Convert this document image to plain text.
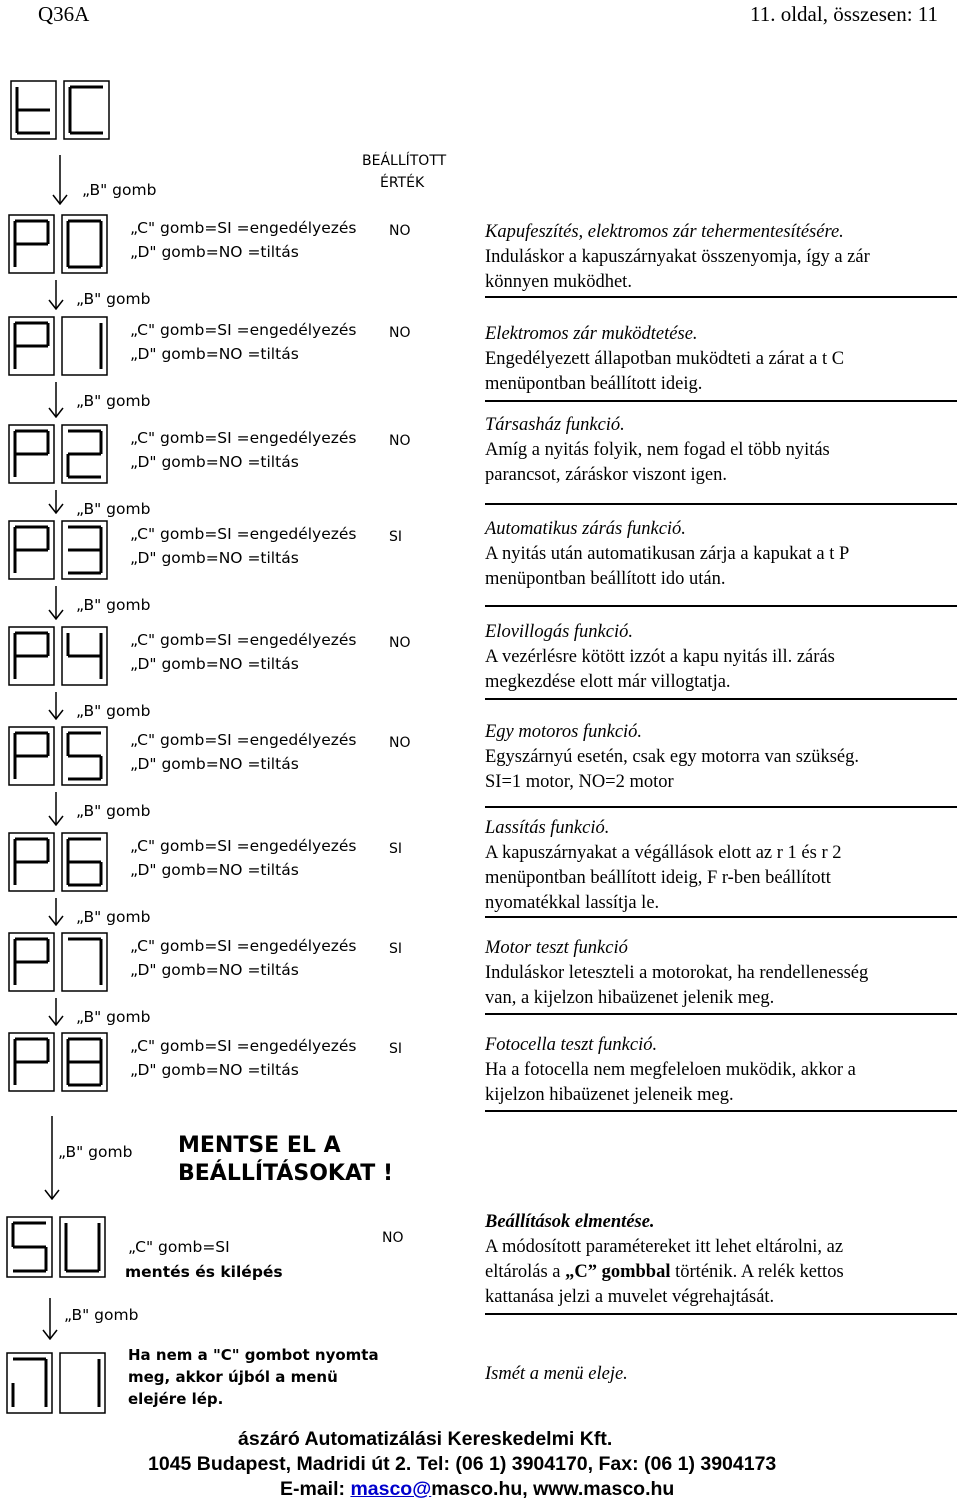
Q36A	11. oldal, összesen: 11
BEÁLLÍTOTT
ÉRTÉK
„B" gomb
„C" gomb=SI =engedélyezés
„D" gomb=NO =tiltás
NO
„B" gomb
„C" gomb=SI =engedélyezés
„D" gomb=NO =tiltás
NO
„B" gomb
„C" gomb=SI =engedélyezés
„D" gomb=NO =tiltás
NO
„B" gomb
„C" gomb=SI =engedélyezés
„D" gomb=NO =tiltás
SI
„B" gomb
„C" gomb=SI =engedélyezés
„D" gomb=NO =tiltás
NO
„B" gomb
„C" gomb=SI =engedélyezés
„D" gomb=NO =tiltás
NO
„B" gomb
„C" gomb=SI =engedélyezés
„D" gomb=NO =tiltás
SI
„B" gomb
„C" gomb=SI =engedélyezés
„D" gomb=NO =tiltás
SI
„B" gomb
„C" gomb=SI =engedélyezés
„D" gomb=NO =tiltás
SI
„B" gomb
„B" gomb
Kapufeszítés, elektromos zár tehermentesítésére.
Induláskor a kapuszárnyakat összenyomja, így a zár
könnyen muködhet.
Elektromos zár muködtetése.
Engedélyezett állapotban muködteti a zárat a t C
menüpontban beállított ideig.
Társasház funkció.
Amíg a nyitás folyik, nem fogad el több nyitás
parancsot, záráskor viszont igen.
Automatikus zárás funkció.
A nyitás után automatikusan zárja a kapukat a t P
menüpontban beállított ido után.
Elovillogás funkció.
A vezérlésre kötött izzót a kapu nyitás ill. zárás
megkezdése elott már villogtatja.
Egy motoros funkció.
Egyszárnyú esetén, csak egy motorra van szükség.
SI=1 motor, NO=2 motor
Lassítás funkció.
A kapuszárnyakat a végállások elott az r 1 és r 2
menüpontban beállított ideig, F r-ben beállított
nyomatékkal lassítja le.
Motor teszt funkció
Induláskor leteszteli a motorokat, ha rendellenesség
van, a kijelzon hibaüzenet jelenik meg.
Fotocella teszt funkció.
Ha a fotocella nem megfeleloen muködik, akkor a
kijelzon hibaüzenet jeleneik meg.
MENTSE EL A
BEÁLLÍTÁSOKAT !
„C" gomb=SI
mentés és kilépés
NO
Ha nem a "C" gombot nyomta
meg, akkor újból a menü
elejére lép.
Beállítások elmentése.
A módosított paramétereket itt lehet eltárolni, az
eltárolás a „C” gombbal történik. A relék kettos
kattanása jelzi a muvelet végrehajtását.
Ismét a menü eleje.
ászáró Automatizálási Kereskedelmi Kft.
1045 Budapest, Madridi út 2. Tel: (06 1) 3904170, Fax: (06 1) 3904173
E-mail: masco@masco.hu, www.masco.hu
